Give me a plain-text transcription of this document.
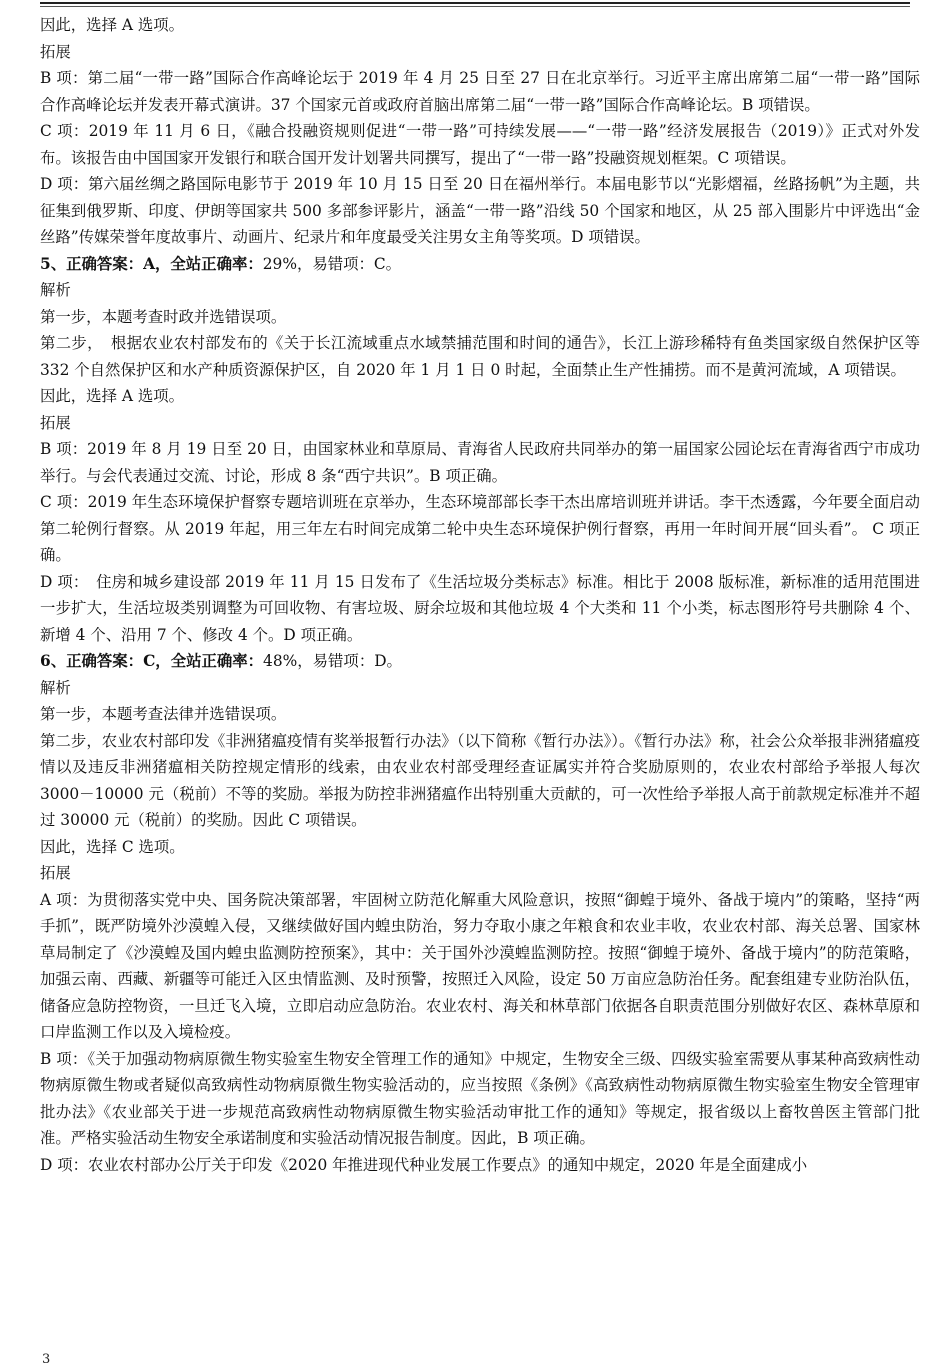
因此，选择 A 选项。

拓展

B 项：第二届“一带一路”国际合作高峰论坛于 2019 年 4 月 25 日至 27 日在北京举行。习近平主席出席第二届“一带一路”国际合作高峰论坛并发表开幕式演讲。37 个国家元首或政府首脑出席第二届“一带一路”国际合作高峰论坛。B 项错误。

C 项：2019 年 11 月 6 日，《融合投融资规则促进“一带一路”可持续发展——“一带一路”经济发展报告（2019）》正式对外发布。该报告由中国国家开发银行和联合国开发计划署共同撰写，提出了“一带一路”投融资规划框架。C 项错误。

D 项：第六届丝绸之路国际电影节于 2019 年 10 月 15 日至 20 日在福州举行。本届电影节以“光影熠福，丝路扬帆”为主题，共征集到俄罗斯、印度、伊朗等国家共 500 多部参评影片，涵盖“一带一路”沿线 50 个国家和地区，从 25 部入围影片中评选出“金丝路”传媒荣誉年度故事片、动画片、纪录片和年度最受关注男女主角等奖项。D 项错误。

5、正确答案：A，全站正确率：29%，易错项：C。

解析

第一步，本题考查时政并选错误项。

第二步，　根据农业农村部发布的《关于长江流域重点水域禁捕范围和时间的通告》，长江上游珍稀特有鱼类国家级自然保护区等 332 个自然保护区和水产种质资源保护区，自 2020 年 1 月 1 日 0 时起，全面禁止生产性捕捞。而不是黄河流域，A 项错误。

因此，选择 A 选项。

拓展

B 项：2019 年 8 月 19 日至 20 日，由国家林业和草原局、青海省人民政府共同举办的第一届国家公园论坛在青海省西宁市成功举行。与会代表通过交流、讨论，形成 8 条“西宁共识”。B 项正确。

C 项：2019 年生态环境保护督察专题培训班在京举办，生态环境部部长李干杰出席培训班并讲话。李干杰透露，今年要全面启动第二轮例行督察。从 2019 年起，用三年左右时间完成第二轮中央生态环境保护例行督察，再用一年时间开展“回头看”。 C 项正确。

D 项：　住房和城乡建设部 2019 年 11 月 15 日发布了《生活垃圾分类标志》标准。相比于 2008 版标准，新标准的适用范围进一步扩大，生活垃圾类别调整为可回收物、有害垃圾、厨余垃圾和其他垃圾 4 个大类和 11 个小类，标志图形符号共删除 4 个、新增 4 个、沿用 7 个、修改 4 个。D 项正确。

6、正确答案：C，全站正确率：48%，易错项：D。

解析

第一步，本题考查法律并选错误项。

第二步，农业农村部印发《非洲猪瘟疫情有奖举报暂行办法》（以下简称《暂行办法》）。《暂行办法》称，社会公众举报非洲猪瘟疫情以及违反非洲猪瘟相关防控规定情形的线索，由农业农村部受理经查证属实并符合奖励原则的，农业农村部给予举报人每次 3000－10000 元（税前）不等的奖励。举报为防控非洲猪瘟作出特别重大贡献的，可一次性给予举报人高于前款规定标准并不超过 30000 元（税前）的奖励。因此 C 项错误。

因此，选择 C 选项。

拓展

A 项：为贯彻落实党中央、国务院决策部署，牢固树立防范化解重大风险意识，按照“御蝗于境外、备战于境内”的策略，坚持“两手抓”，既严防境外沙漠蝗入侵，又继续做好国内蝗虫防治，努力夺取小康之年粮食和农业丰收，农业农村部、海关总署、国家林草局制定了《沙漠蝗及国内蝗虫监测防控预案》，其中：关于国外沙漠蝗监测防控。按照“御蝗于境外、备战于境内”的防范策略，加强云南、西藏、新疆等可能迁入区虫情监测、及时预警，按照迁入风险，设定 50 万亩应急防治任务。配套组建专业防治队伍，储备应急防控物资，一旦迁飞入境，立即启动应急防治。农业农村、海关和林草部门依据各自职责范围分别做好农区、森林草原和口岸监测工作以及入境检疫。

B 项：《关于加强动物病原微生物实验室生物安全管理工作的通知》中规定，生物安全三级、四级实验室需要从事某种高致病性动物病原微生物或者疑似高致病性动物病原微生物实验活动的，应当按照《条例》《高致病性动物病原微生物实验室生物安全管理审批办法》《农业部关于进一步规范高致病性动物病原微生物实验活动审批工作的通知》等规定，报省级以上畜牧兽医主管部门批准。严格实验活动生物安全承诺制度和实验活动情况报告制度。因此，B 项正确。

D 项：农业农村部办公厅关于印发《2020 年推进现代种业发展工作要点》的通知中规定，2020 年是全面建成小

3
